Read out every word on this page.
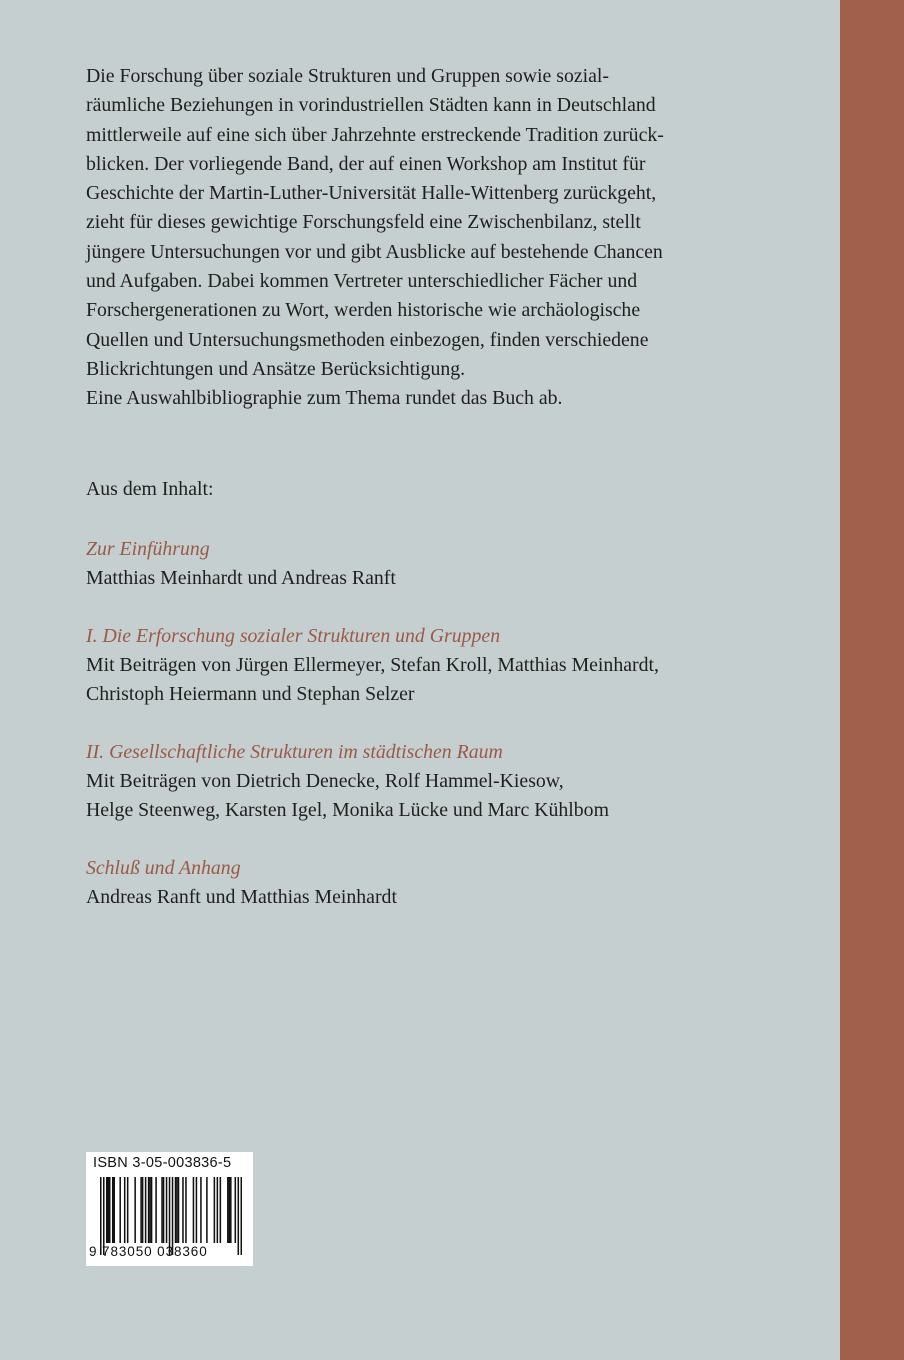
Die Forschung über soziale Strukturen und Gruppen sowie sozial-
räumliche Beziehungen in vorindustriellen Städten kann in Deutschland
mittlerweile auf eine sich über Jahrzehnte erstreckende Tradition zurück-
blicken. Der vorliegende Band, der auf einen Workshop am Institut für
Geschichte der Martin-Luther-Universität Halle-Wittenberg zurückgeht,
zieht für dieses gewichtige Forschungsfeld eine Zwischenbilanz, stellt
jüngere Untersuchungen vor und gibt Ausblicke auf bestehende Chancen
und Aufgaben. Dabei kommen Vertreter unterschiedlicher Fächer und
Forschergenerationen zu Wort, werden historische wie archäologische
Quellen und Untersuchungsmethoden einbezogen, finden verschiedene
Blickrichtungen und Ansätze Berücksichtigung.
Eine Auswahlbibliographie zum Thema rundet das Buch ab.

Aus dem Inhalt:

Zur Einführung
Matthias Meinhardt und Andreas Ranft
I. Die Erforschung sozialer Strukturen und Gruppen
Mit Beiträgen von Jürgen Ellermeyer, Stefan Kroll, Matthias Meinhardt,
Christoph Heiermann und Stephan Selzer
II. Gesellschaftliche Strukturen im städtischen Raum
Mit Beiträgen von Dietrich Denecke, Rolf Hammel-Kiesow,
Helge Steenweg, Karsten Igel, Monika Lücke und Marc Kühlbom
Schluß und Anhang
Andreas Ranft und Matthias Meinhardt
ISBN 3-05-003836-5
9 783050 038360
